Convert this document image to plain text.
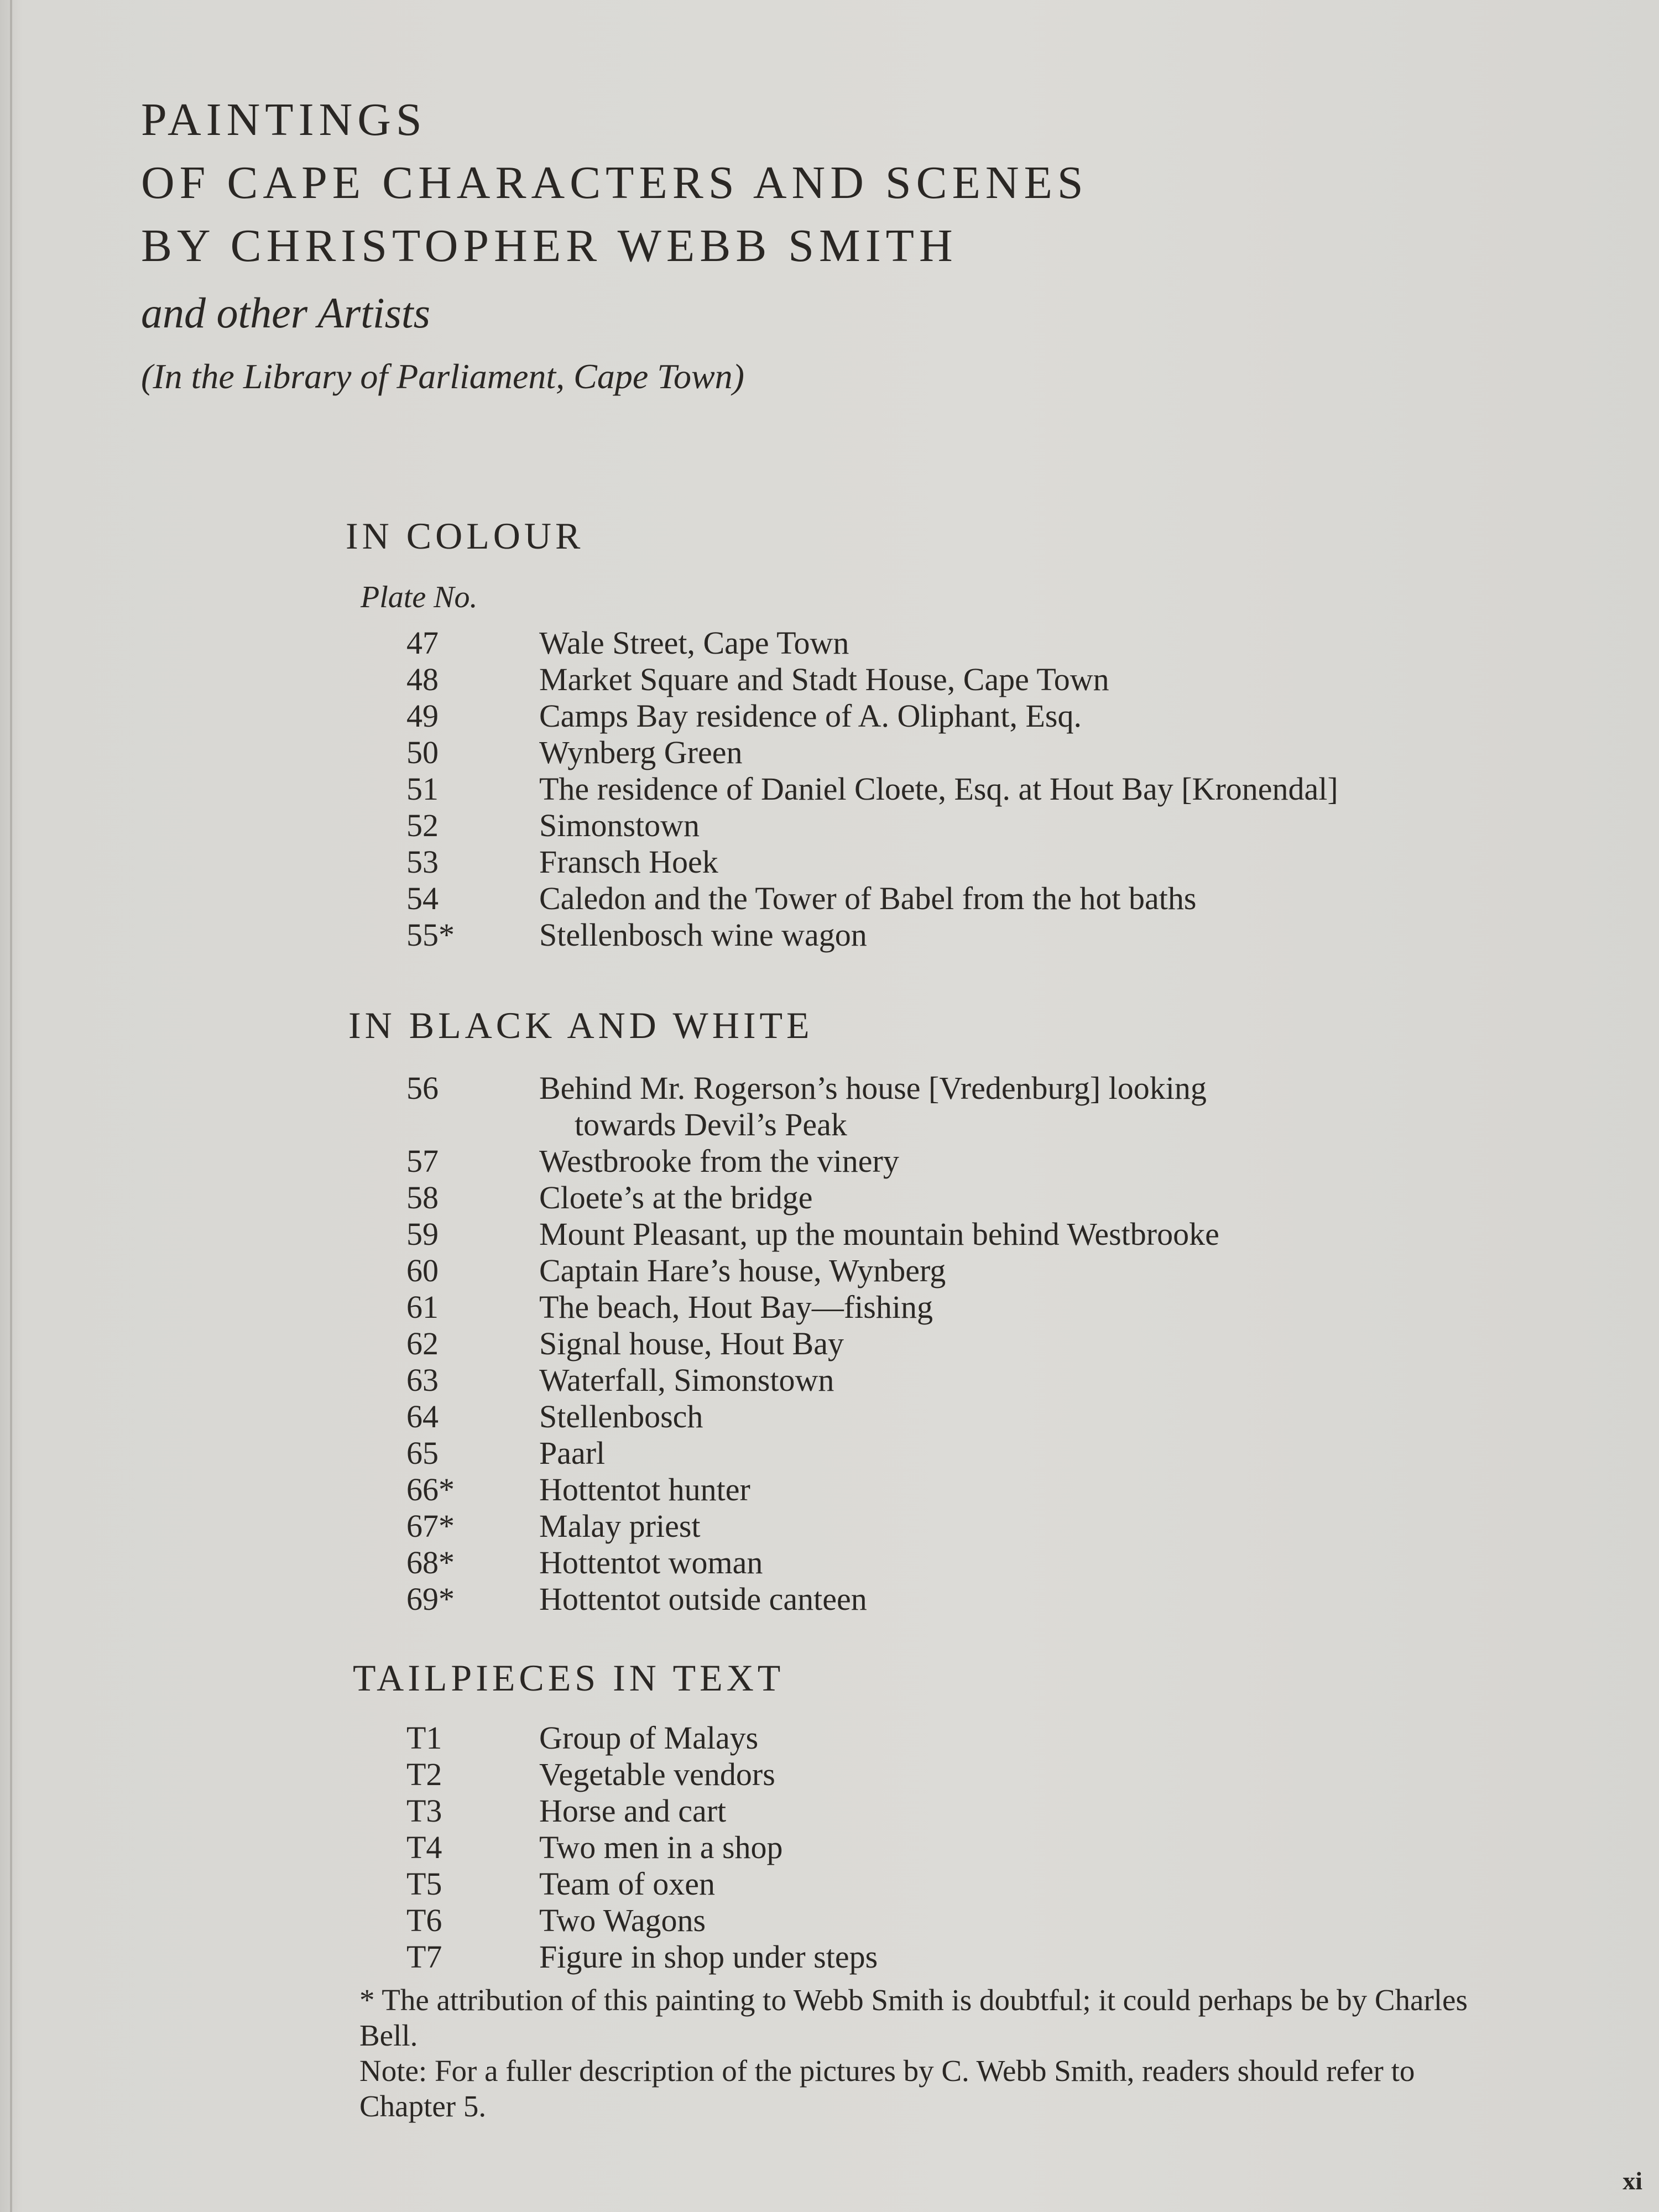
PAINTINGS
OF CAPE CHARACTERS AND SCENES
BY CHRISTOPHER WEBB SMITH
and other Artists
(In the Library of Parliament, Cape Town)
IN COLOUR
Plate No.
47	Wale Street, Cape Town
48	Market Square and Stadt House, Cape Town
49	Camps Bay residence of A. Oliphant, Esq.
50	Wynberg Green
51	The residence of Daniel Cloete, Esq. at Hout Bay [Kronendal]
52	Simonstown
53	Fransch Hoek
54	Caledon and the Tower of Babel from the hot baths
55*	Stellenbosch wine wagon
IN BLACK AND WHITE
56	Behind Mr. Rogerson’s house [Vredenburg] looking
towards Devil’s Peak
57	Westbrooke from the vinery
58	Cloete’s at the bridge
59	Mount Pleasant, up the mountain behind Westbrooke
60	Captain Hare’s house, Wynberg
61	The beach, Hout Bay—fishing
62	Signal house, Hout Bay
63	Waterfall, Simonstown
64	Stellenbosch
65	Paarl
66*	Hottentot hunter
67*	Malay priest
68*	Hottentot woman
69*	Hottentot outside canteen
TAILPIECES IN TEXT
T1	Group of Malays
T2	Vegetable vendors
T3	Horse and cart
T4	Two men in a shop
T5	Team of oxen
T6	Two Wagons
T7	Figure in shop under steps

* The attribution of this painting to Webb Smith is doubtful; it could perhaps be by Charles Bell.

Note: For a fuller description of the pictures by C. Webb Smith, readers should refer to Chapter 5.

xi
